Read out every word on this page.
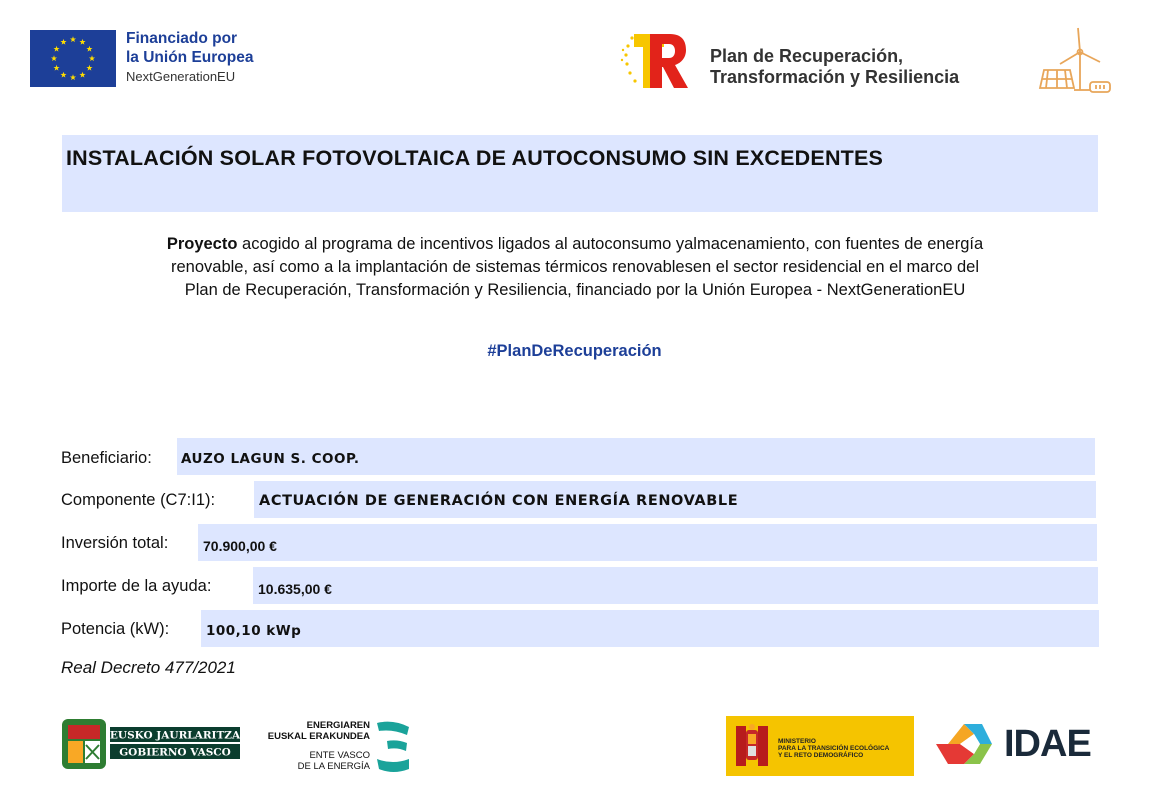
Financiado por
la Unión Europea
NextGenerationEU
Plan de Recuperación,
Transformación y Resiliencia
INSTALACIÓN SOLAR FOTOVOLTAICA DE AUTOCONSUMO SIN EXCEDENTES
Proyecto acogido al programa de incentivos ligados al autoconsumo yalmacenamiento, con fuentes de energía
renovable, así como a la implantación de sistemas térmicos renovablesen el sector residencial en el marco del
Plan de Recuperación, Transformación y Resiliencia, financiado por la Unión Europea - NextGenerationEU
#PlanDeRecuperación
Beneficiario: AUZO LAGUN S. COOP.
Componente (C7:I1):	ACTUACIÓN DE GENERACIÓN CON ENERGÍA RENOVABLE
Inversión total: 70.900,00 €
Importe de la ayuda:	10.635,00 €
Potencia (kW):	100,10 kWp
Real Decreto 477/2021
EUSKO JAURLARITZA
GOBIERNO VASCO
ENERGIAREN
EUSKAL ERAKUNDEA
ENTE VASCO
DE LA ENERGÍA
MINISTERIO
PARA LA TRANSICIÓN ECOLÓGICA
Y EL RETO DEMOGRÁFICO	IDAE
